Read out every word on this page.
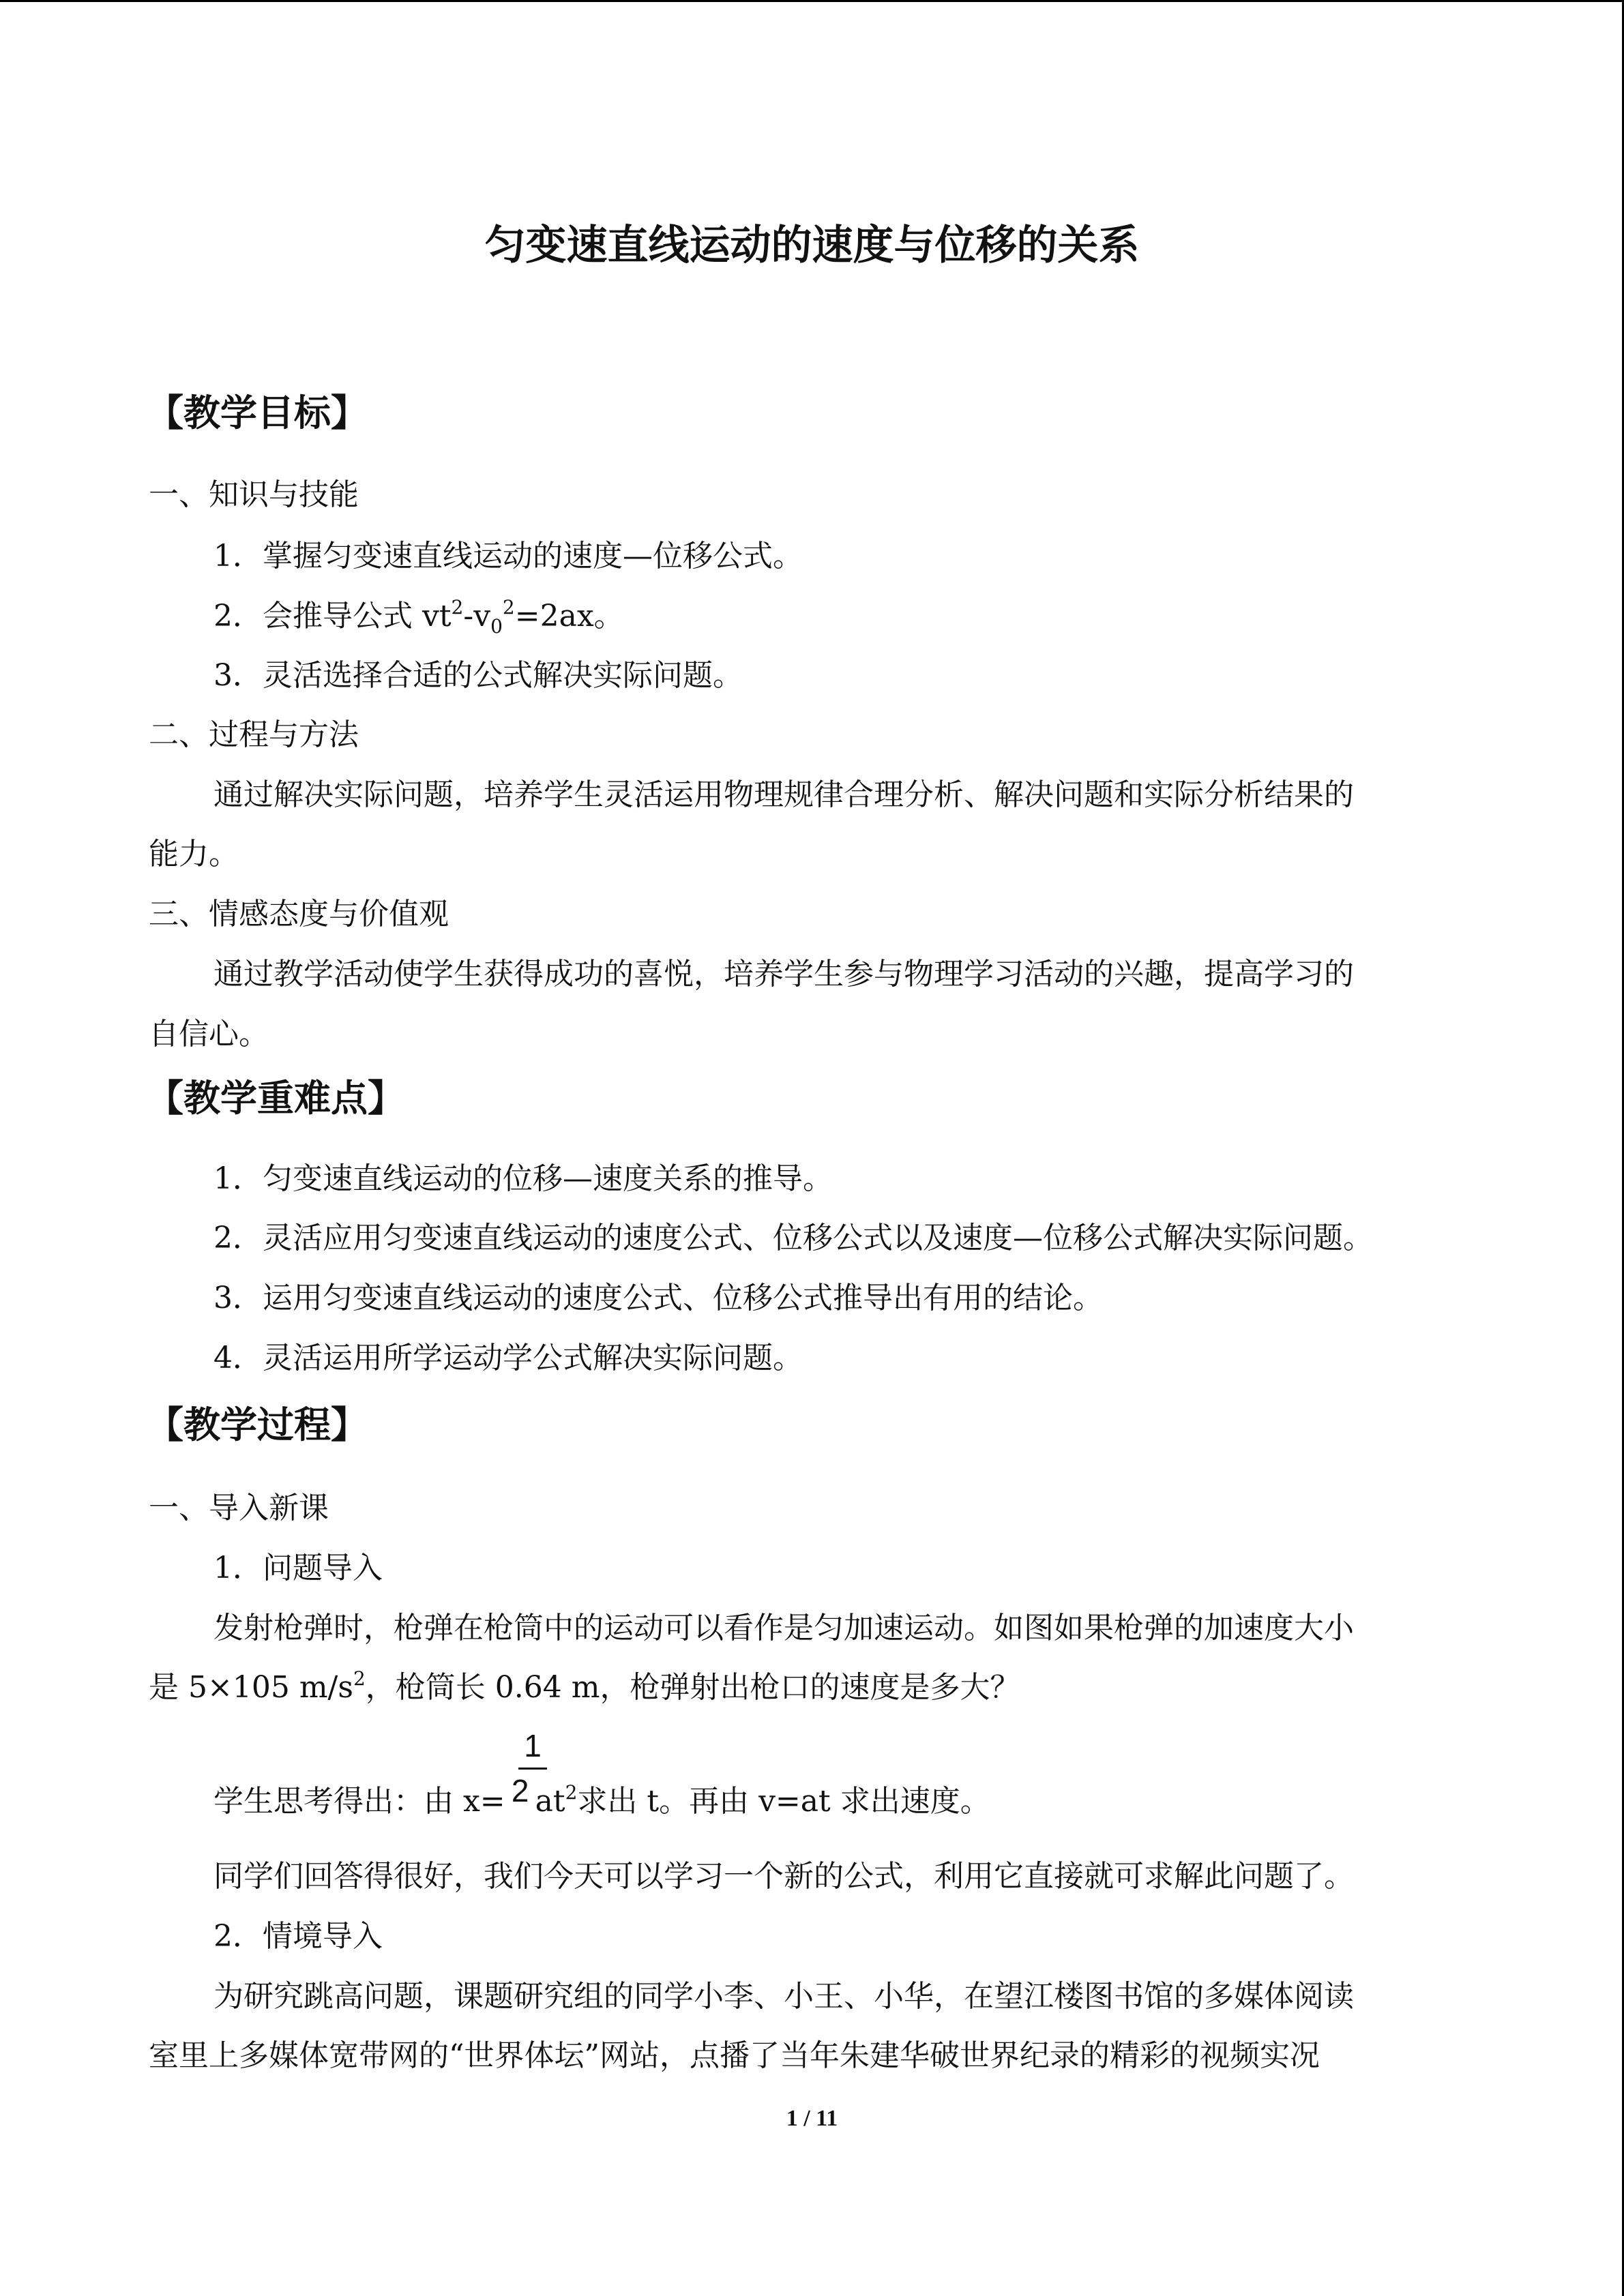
匀变速直线运动的速度与位移的关系
【教学目标】
一、知识与技能
1．掌握匀变速直线运动的速度—位移公式。
2．会推导公式 $vt^2-v_0^2=2ax$。
3．灵活选择合适的公式解决实际问题。
二、过程与方法
通过解决实际问题，培养学生灵活运用物理规律合理分析、解决问题和实际分析结果的
能力。
三、情感态度与价值观
通过教学活动使学生获得成功的喜悦，培养学生参与物理学习活动的兴趣，提高学习的
自信心。
【教学重难点】
1．匀变速直线运动的位移—速度关系的推导。
2．灵活应用匀变速直线运动的速度公式、位移公式以及速度—位移公式解决实际问题。
3．运用匀变速直线运动的速度公式、位移公式推导出有用的结论。
4．灵活运用所学运动学公式解决实际问题。
【教学过程】
一、导入新课
1．问题导入
发射枪弹时，枪弹在枪筒中的运动可以看作是匀加速运动。如图如果枪弹的加速度大小
是 5×105 $m/s^2$，枪筒长 0.64 m，枪弹射出枪口的速度是多大？
1
学生思考得出：由 x= 2 $at^2$求出 t。再由 v=at 求出速度。
同学们回答得很好，我们今天可以学习一个新的公式，利用它直接就可求解此问题了。
2．情境导入
为研究跳高问题，课题研究组的同学小李、小王、小华，在望江楼图书馆的多媒体阅读
室里上多媒体宽带网的“世界体坛”网站，点播了当年朱建华破世界纪录的精彩的视频实况
1 / 11
